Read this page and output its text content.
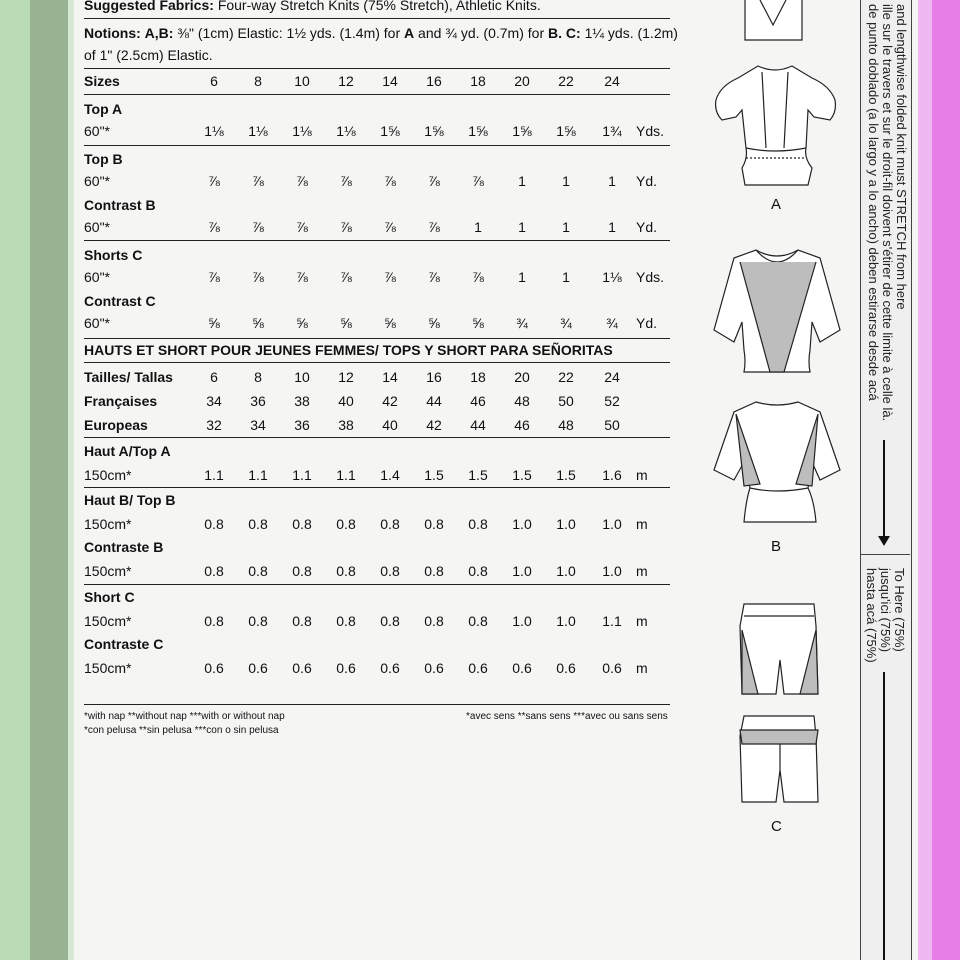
Suggested Fabrics: Four-way Stretch Knits (75% Stretch), Athletic Knits.
Notions: A,B: ⅜" (1cm) Elastic: 1½ yds. (1.4m) for A and ¾ yd. (0.7m) for B. C: 1¼ yds. (1.2m)
of 1" (2.5cm) Elastic.
Sizes	6	8	10 12 14 16 18 20 22 24
Top A
60"*	1⅛ 1⅛ 1⅛ 1⅛ 1⅝ 1⅝ 1⅝ 1⅝ 1⅝ 1¾ Yds.
Top B
60"*	⅞ ⅞ ⅞ ⅞ ⅞ ⅞ ⅞	1	1	1	Yd.
Contrast B
60"*	⅞ ⅞ ⅞ ⅞ ⅞ ⅞	1	1	1	1	Yd.
Shorts C
60"*	⅞ ⅞ ⅞ ⅞ ⅞ ⅞ ⅞	1	1	1⅛ Yds.
Contrast C
60"*	⅝ ⅝ ⅝ ⅝ ⅝ ⅝ ⅝ ¾ ¾ ¾ Yd.
HAUTS ET SHORT POUR JEUNES FEMMES/ TOPS Y SHORT PARA SEÑORITAS
Tailles/ Tallas	6	8	10 12 14 16 18 20 22 24
Françaises	34 36 38 40 42 44 46 48 50 52
Europeas	32 34 36 38 40 42 44 46 48 50
Haut A/Top A
150cm*	1.1 1.1 1.1 1.1 1.4 1.5 1.5 1.5 1.5 1.6 m
Haut B/ Top B
150cm*	0.8 0.8 0.8 0.8 0.8 0.8 0.8 1.0 1.0 1.0 m
Contraste B
150cm*	0.8 0.8 0.8 0.8 0.8 0.8 0.8 1.0 1.0 1.0 m
Short C
150cm*	0.8 0.8 0.8 0.8 0.8 0.8 0.8 1.0 1.0 1.1 m
Contraste C
150cm*	0.6 0.6 0.6 0.6 0.6 0.6 0.6 0.6 0.6 0.6 m
*with nap **without nap ***with or without nap
*con pelusa **sin pelusa ***con o sin pelusa
*avec sens **sans sens ***avec ou sans sens
A
B
C
and lengthwise folded knit must STRETCH from here
ille sur le travers et sur le droit-fil doivent s'étirer de cette limite à celle là.
de punto doblado (a lo largo y a lo ancho) deben estirarse desde acá
To Here (75%)
jusqu'ici (75%)
hasta acá (75%)
